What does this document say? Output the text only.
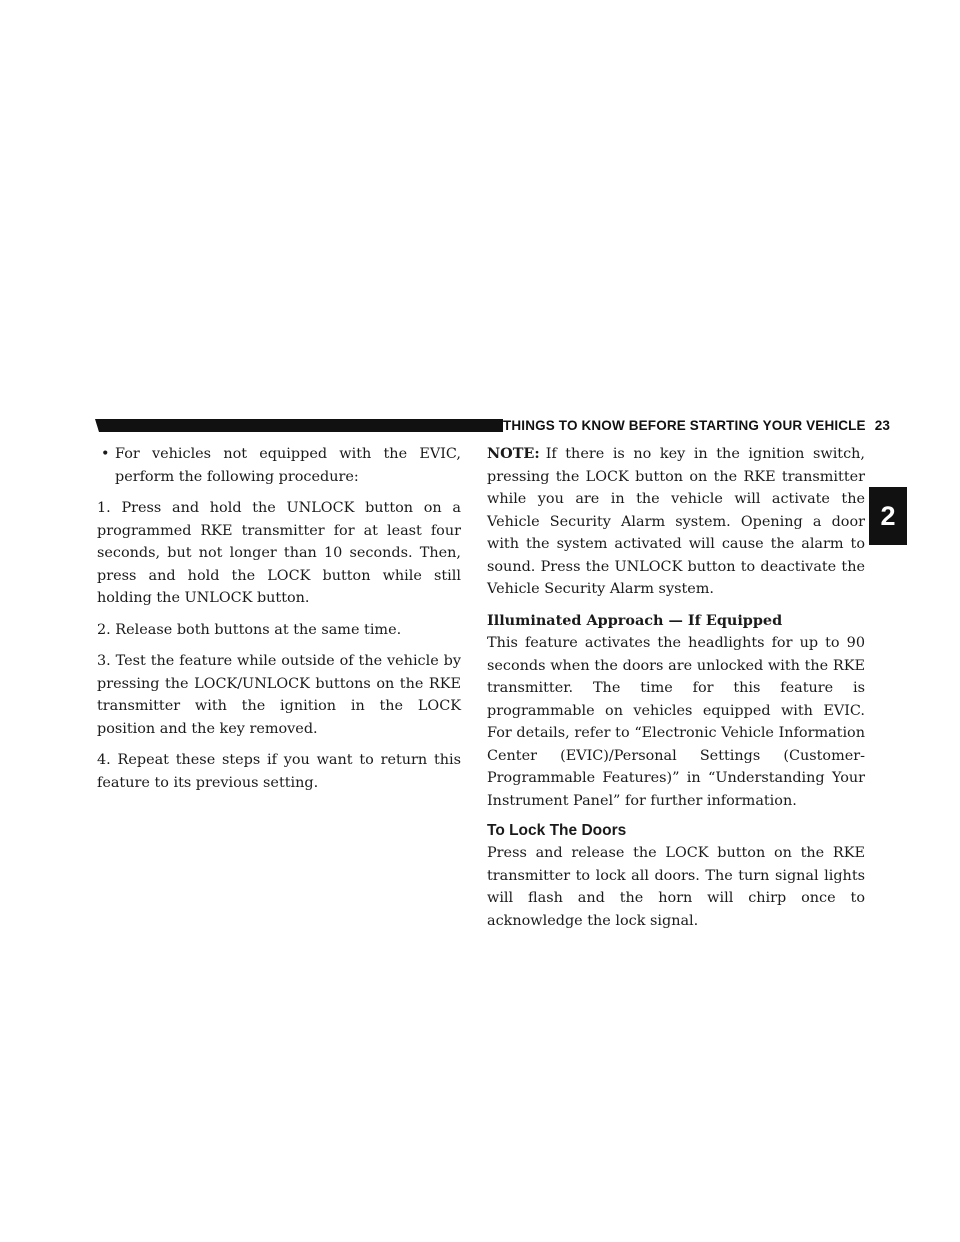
THINGS TO KNOW BEFORE STARTING YOUR VEHICLE 23
2

• For vehicles not equipped with the EVIC, perform the following procedure:

1. Press and hold the UNLOCK button on a programmed RKE transmitter for at least four seconds, but not longer than 10 seconds. Then, press and hold the LOCK button while still holding the UNLOCK button.

2. Release both buttons at the same time.

3. Test the feature while outside of the vehicle by pressing the LOCK/UNLOCK buttons on the RKE transmitter with the ignition in the LOCK position and the key removed.

4. Repeat these steps if you want to return this feature to its previous setting.

NOTE: If there is no key in the ignition switch, pressing the LOCK button on the RKE transmitter while you are in the vehicle will activate the Vehicle Security Alarm system. Opening a door with the system activated will cause the alarm to sound. Press the UNLOCK button to deactivate the Vehicle Security Alarm system.

Illuminated Approach — If Equipped

This feature activates the headlights for up to 90 seconds when the doors are unlocked with the RKE transmitter. The time for this feature is programmable on vehicles equipped with EVIC. For details, refer to “Electronic Vehicle Information Center (EVIC)/Personal Settings (Customer-Programmable Features)” in “Understanding Your Instrument Panel” for further information.

To Lock The Doors

Press and release the LOCK button on the RKE transmitter to lock all doors. The turn signal lights will flash and the horn will chirp once to acknowledge the lock signal.
